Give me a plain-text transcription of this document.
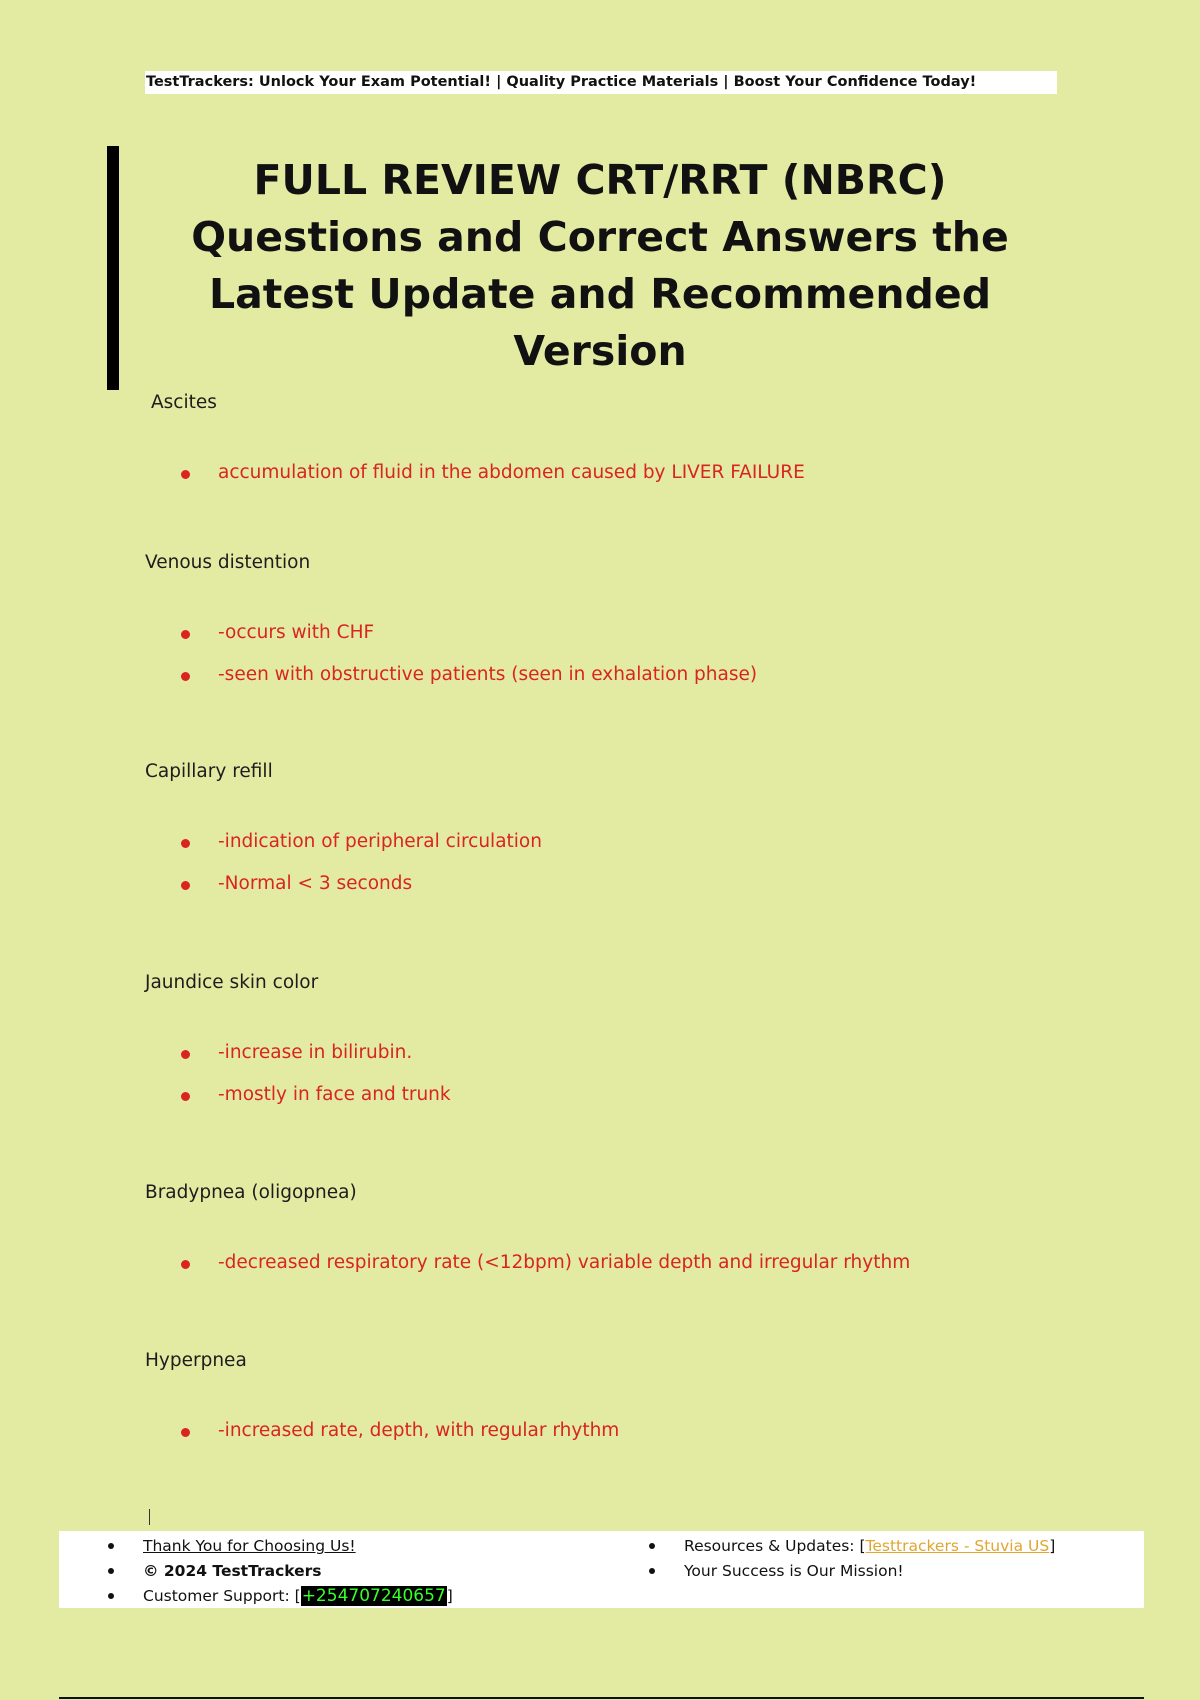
TestTrackers: Unlock Your Exam Potential! | Quality Practice Materials | Boost Your Confidence Today!
FULL REVIEW CRT/RRT (NBRC) Questions and Correct Answers the Latest Update and Recommended Version

Ascites

accumulation of fluid in the abdomen caused by LIVER FAILURE

Venous distention

-occurs with CHF
-seen with obstructive patients (seen in exhalation phase)

Capillary refill

-indication of peripheral circulation
-Normal < 3 seconds

Jaundice skin color

-increase in bilirubin.
-mostly in face and trunk

Bradypnea (oligopnea)

-decreased respiratory rate (<12bpm) variable depth and irregular rhythm

Hyperpnea

-increased rate, depth, with regular rhythm
Thank You for Choosing Us!
© 2024 TestTrackers
Customer Support: [+254707240657]
Resources & Updates: [Testtrackers - Stuvia US]
Your Success is Our Mission!
